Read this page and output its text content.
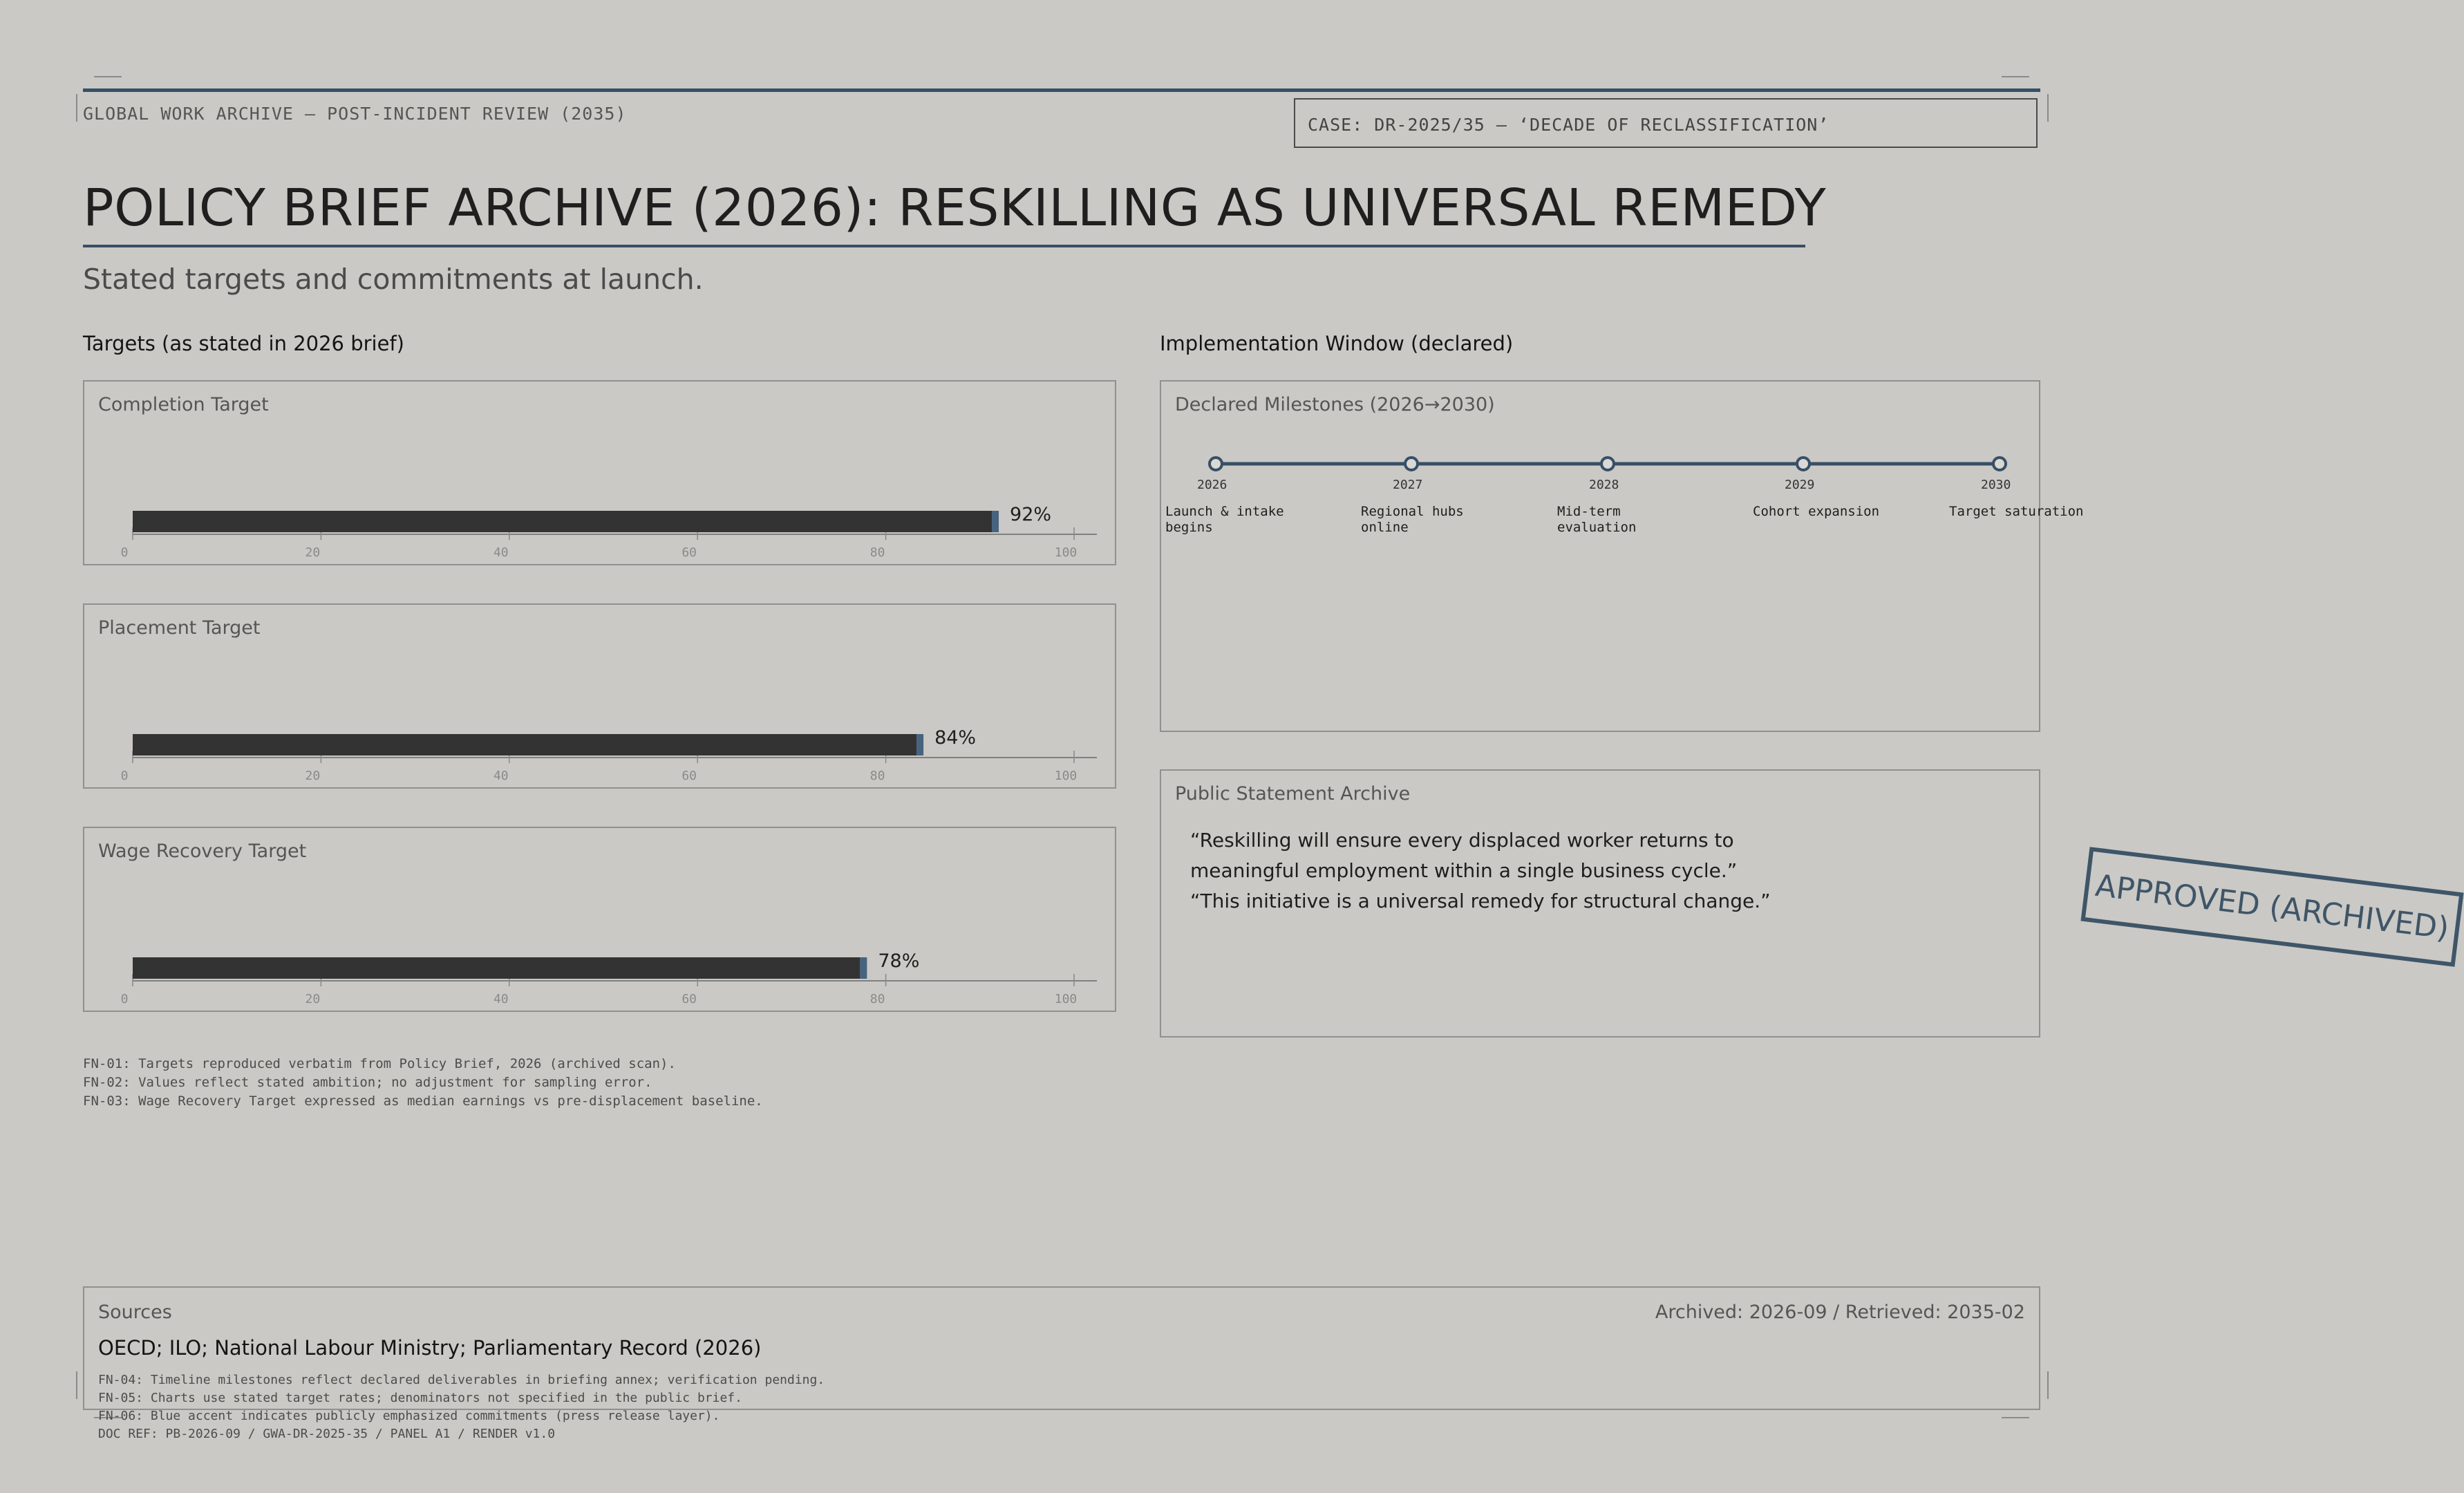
GLOBAL WORK ARCHIVE — POST-INCIDENT REVIEW (2035)
CASE: DR-2025/35 — ‘DECADE OF RECLASSIFICATION’
POLICY BRIEF ARCHIVE (2026): RESKILLING AS UNIVERSAL REMEDY
Stated targets and commitments at launch.
Targets (as stated in 2026 brief)	Implementation Window (declared)
Completion Target
0	20	40	60	80	100
92%
Placement Target
0	20	40	60	80	100
84%
Wage Recovery Target
0	20	40	60	80	100
78%
FN-01: Targets reproduced verbatim from Policy Brief, 2026 (archived scan).
FN-02: Values reflect stated ambition; no adjustment for sampling error.
FN-03: Wage Recovery Target expressed as median earnings vs pre-displacement baseline.
Declared Milestones (2026→2030)
2026	2027	2028	2029	2030
Launch & intake
begins
Regional hubs
online
Mid-term
evaluation
Cohort expansion	Target saturation
Public Statement Archive
“Reskilling will ensure every displaced worker returns to
meaningful employment within a single business cycle.”
“This initiative is a universal remedy for structural change.”	APPROVED (ARCHIVED)
Sources	Archived: 2026-09 / Retrieved: 2035-02
OECD; ILO; National Labour Ministry; Parliamentary Record (2026)
FN-04: Timeline milestones reflect declared deliverables in briefing annex; verification pending.
FN-05: Charts use stated target rates; denominators not specified in the public brief.
FN-06: Blue accent indicates publicly emphasized commitments (press release layer).
DOC REF: PB-2026-09 / GWA-DR-2025-35 / PANEL A1 / RENDER v1.0
